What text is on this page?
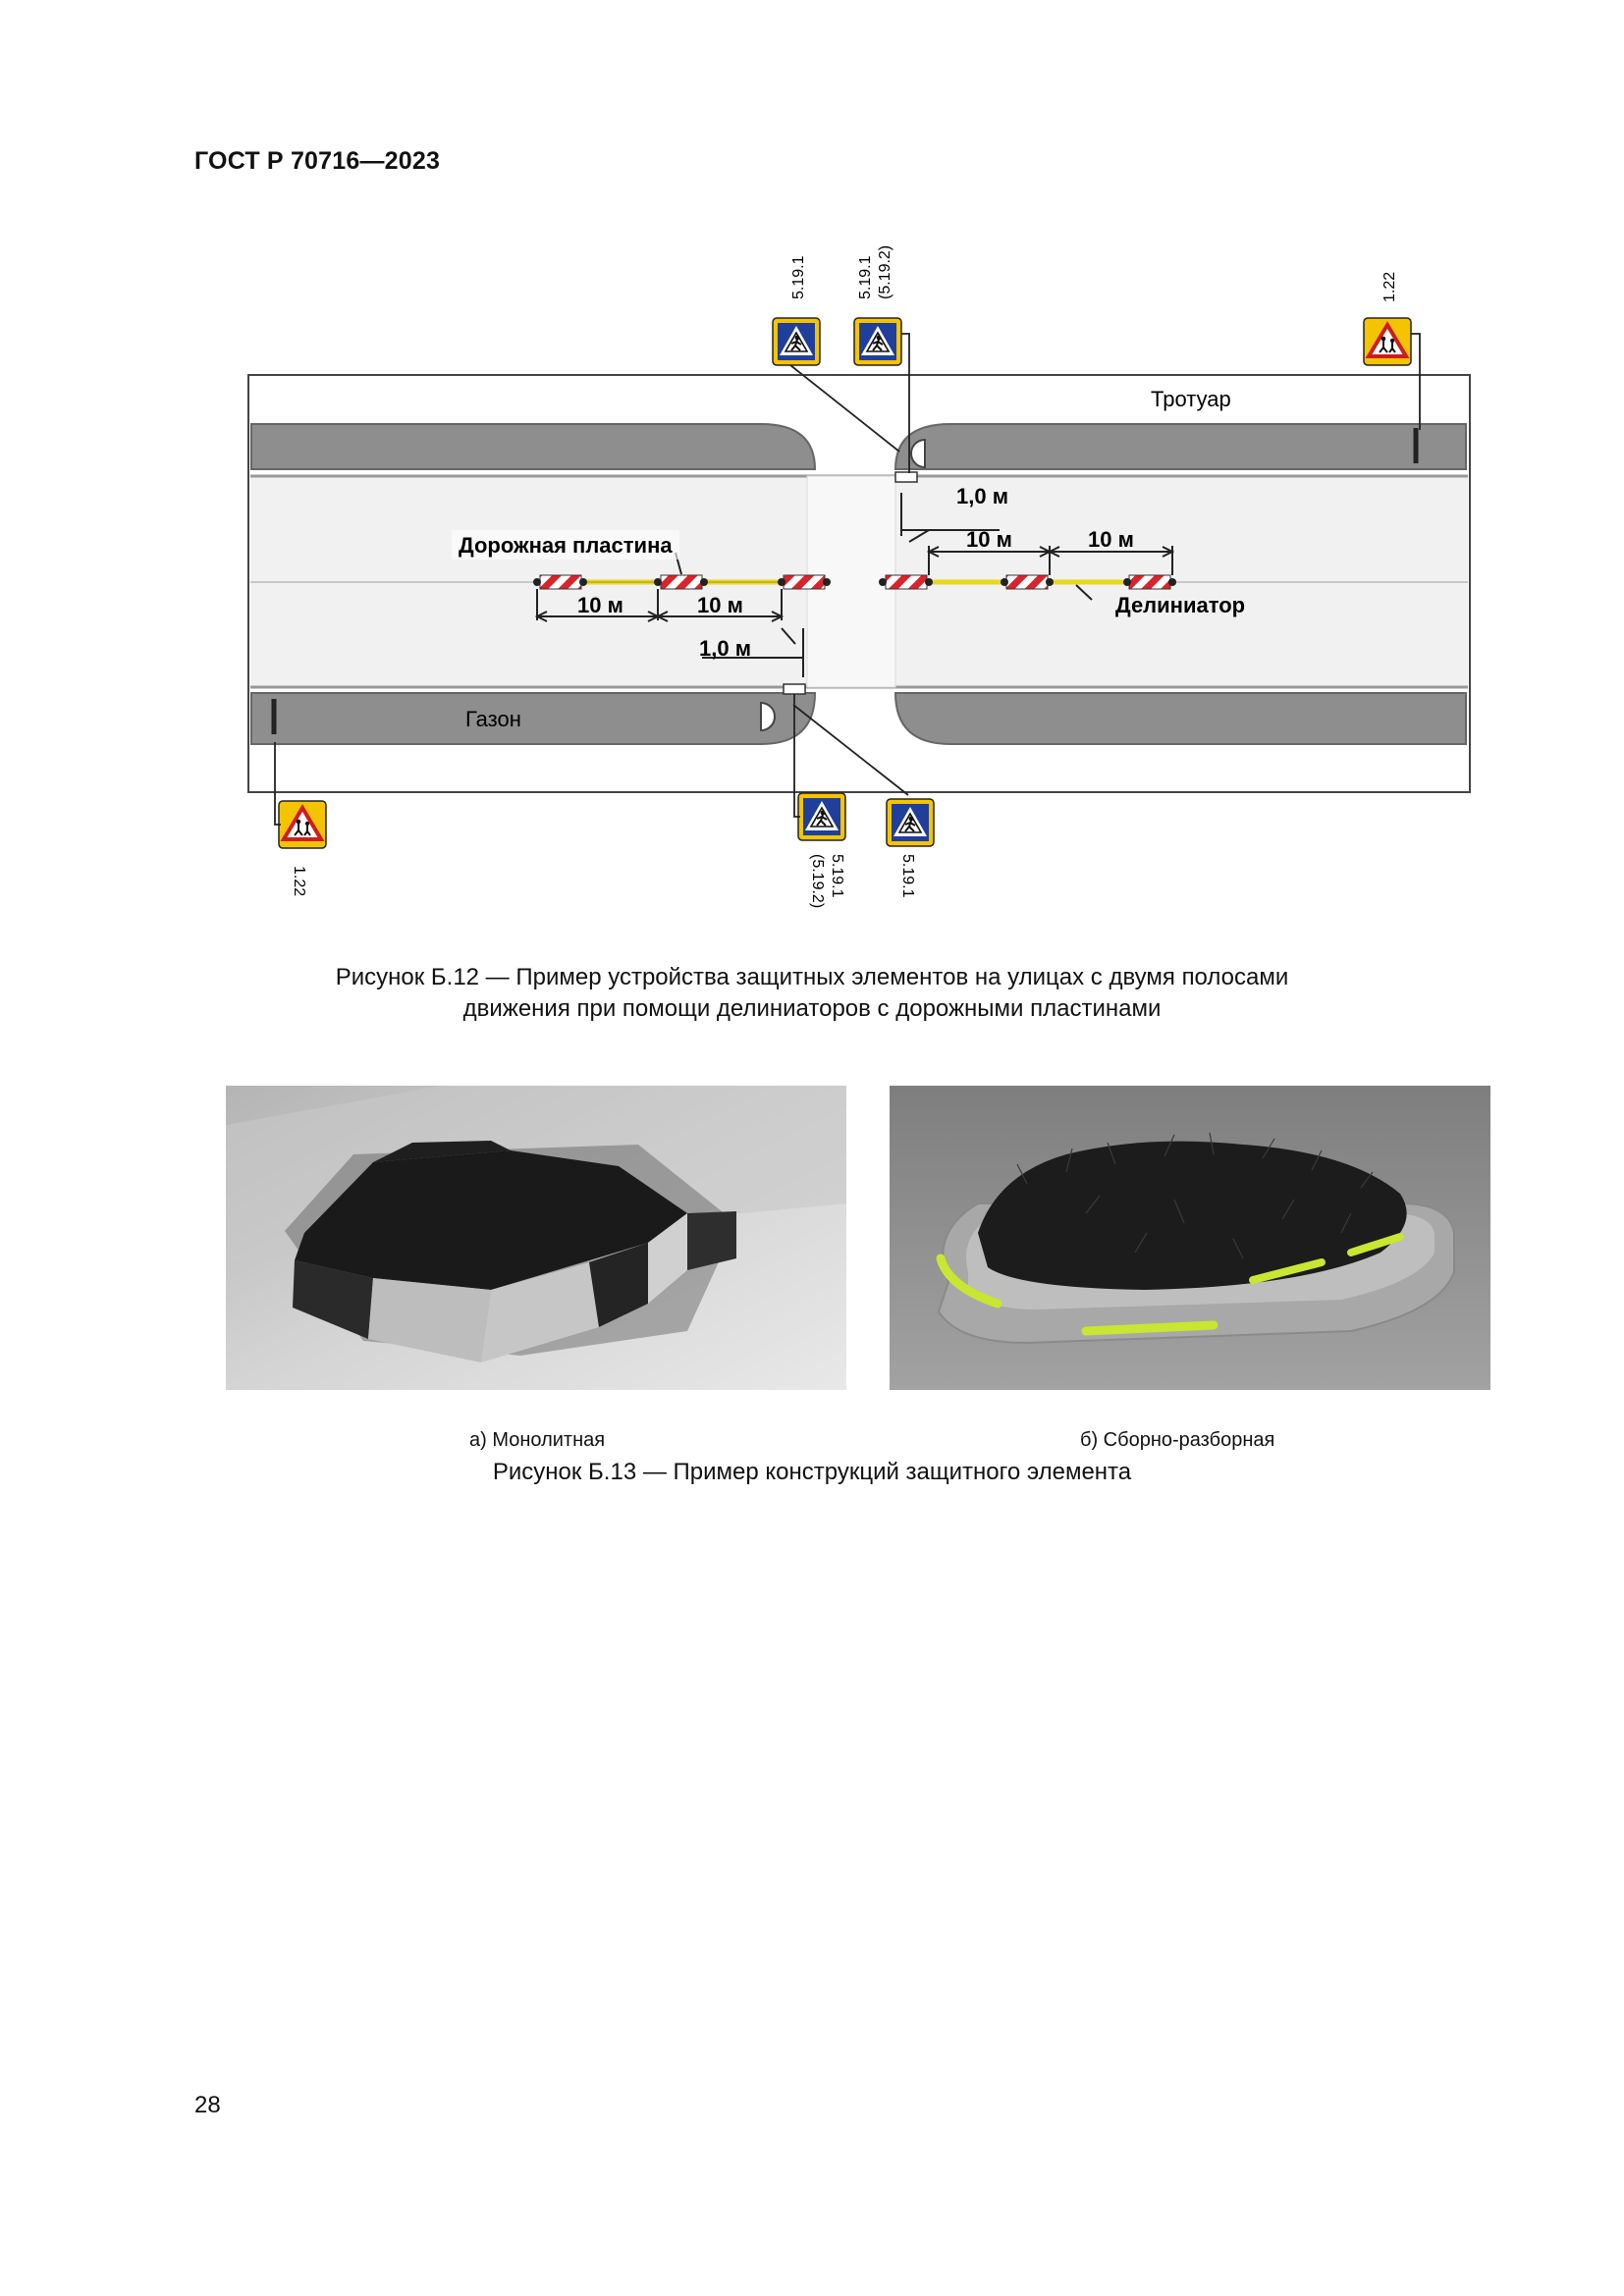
ГОСТ Р 70716—2023
Тротуар
Газон
Дорожная пластина
Делиниатор
10 м	10 м
10 м	10 м
1,0 м
1,0 м
5.19.1	5.19.1 (5.19.2)	1.22
1.22	5.19.1
(5.19.2)	5.19.1
Рисунок Б.12 — Пример устройства защитных элементов на улицах с двумя полосами
движения при помощи делиниаторов с дорожными пластинами
а) Монолитная	б) Сборно-разборная
Рисунок Б.13 — Пример конструкций защитного элемента
28
